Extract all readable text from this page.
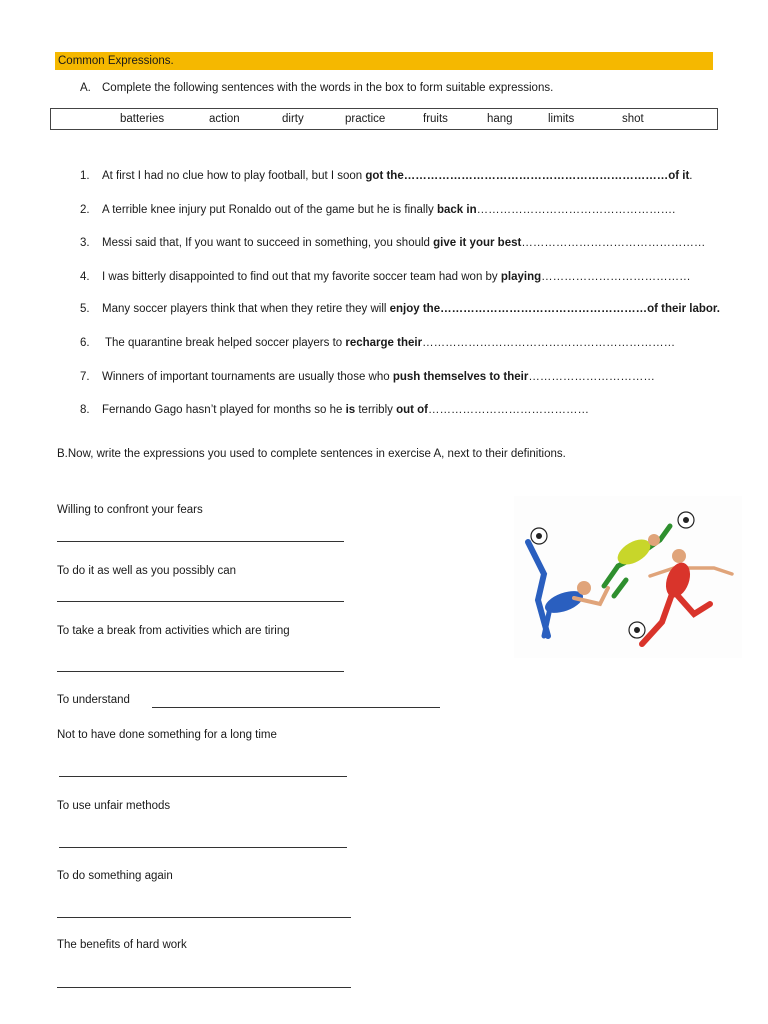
Common Expressions.
A. Complete the following sentences with the words in the box to form suitable expressions.
batteries	action	dirty	practice	fruits	hang	limits	shot
1. At first I had no clue how to play football, but I soon got the……………………………………………………………of it.
2. A terrible knee injury put Ronaldo out of the game but he is finally back in…………………………………………….
3. Messi said that, If you want to succeed in something, you should give it your best…………………………………………
4. I was bitterly disappointed to find out that my favorite soccer team had won by playing…………………………………
5. Many soccer players think that when they retire they will enjoy the………………………………………………of their labor.
6. The quarantine break helped soccer players to recharge their…………………………………………………………
7. Winners of important tournaments are usually those who push themselves to their……………………………
8. Fernando Gago hasn’t played for months so he is terribly out of……………………………………
B.Now, write the expressions you used to complete sentences in exercise A, next to their definitions.
Willing to confront your fears
To do it as well as you possibly can
To take a break from activities which are tiring
To understand
Not to have done something for a long time
To use unfair methods
To do something again
The benefits of hard work
